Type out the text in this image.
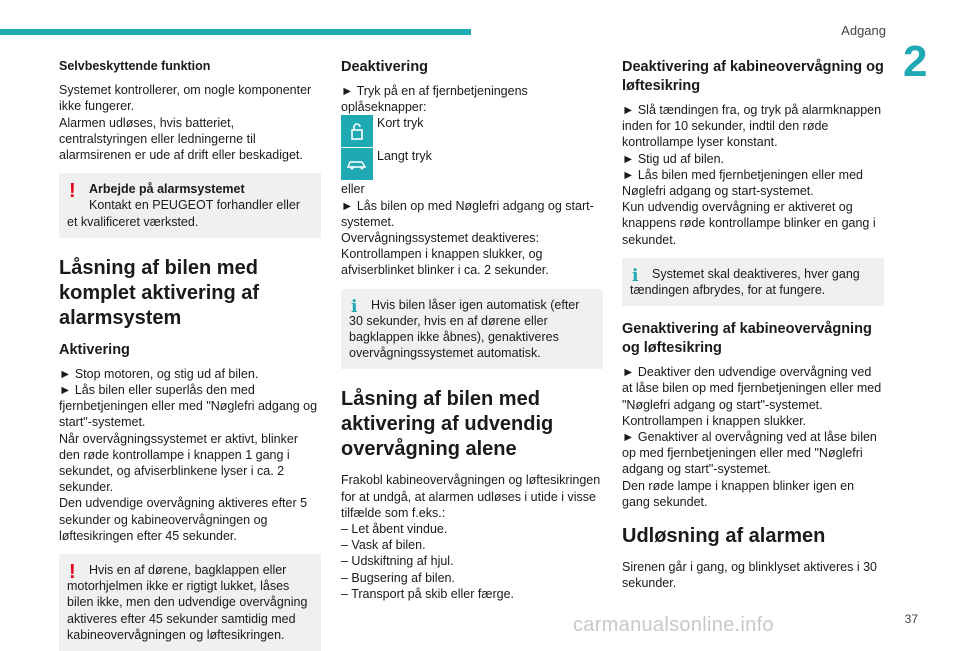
Adgang
2

Selvbeskyttende funktion

Systemet kontrollerer, om nogle komponenter ikke fungerer.

Alarmen udløses, hvis batteriet, centralstyringen eller ledningerne til alarmsirenen er ude af drift eller beskadiget.

!	Arbejde på alarmsystemet

Kontakt en PEUGEOT forhandler eller et kvalificeret værksted.

Låsning af bilen med komplet aktivering af alarmsystem

Aktivering

► Stop motoren, og stig ud af bilen.

► Lås bilen eller superlås den med fjernbetjeningen eller med "Nøglefri adgang og start"-systemet.

Når overvågningssystemet er aktivt, blinker den røde kontrollampe i knappen 1 gang i sekundet, og afviserblinkene lyser i ca. 2 sekunder.

Den udvendige overvågning aktiveres efter 5 sekunder og kabineovervågningen og løftesikringen efter 45 sekunder.

!	Hvis en af dørene, bagklappen eller motorhjelmen ikke er rigtigt lukket, låses bilen ikke, men den udvendige overvågning aktiveres efter 45 sekunder samtidig med kabineovervågningen og løftesikringen.

Deaktivering

► Tryk på en af fjernbetjeningens oplåseknapper:

Kort tryk

Langt tryk

eller

► Lås bilen op med Nøglefri adgang og start-systemet.

Overvågningssystemet deaktiveres:

Kontrollampen i knappen slukker, og afviserblinket blinker i ca. 2 sekunder.

ℹ	Hvis bilen låser igen automatisk (efter 30 sekunder, hvis en af dørene eller bagklappen ikke åbnes), genaktiveres overvågningssystemet automatisk.

Låsning af bilen med aktivering af udvendig overvågning alene

Frakobl kabineovervågningen og løftesikringen for at undgå, at alarmen udløses i utide i visse tilfælde som f.eks.:

– Let åbent vindue.

– Vask af bilen.

– Udskiftning af hjul.

– Bugsering af bilen.

– Transport på skib eller færge.

Deaktivering af kabineovervågning og løftesikring

► Slå tændingen fra, og tryk på alarmknappen inden for 10 sekunder, indtil den røde kontrollampe lyser konstant.

► Stig ud af bilen.

► Lås bilen med fjernbetjeningen eller med Nøglefri adgang og start-systemet.

Kun udvendig overvågning er aktiveret og knappens røde kontrollampe blinker en gang i sekundet.

ℹ	Systemet skal deaktiveres, hver gang tændingen afbrydes, for at fungere.

Genaktivering af kabineovervågning og løftesikring

► Deaktiver den udvendige overvågning ved at låse bilen op med fjernbetjeningen eller med "Nøglefri adgang og start"-systemet.

Kontrollampen i knappen slukker.

► Genaktiver al overvågning ved at låse bilen op med fjernbetjeningen eller med "Nøglefri adgang og start"-systemet.

Den røde lampe i knappen blinker igen en gang sekundet.

Udløsning af alarmen

Sirenen går i gang, og blinklyset aktiveres i 30 sekunder.

carmanualsonline.info	37
